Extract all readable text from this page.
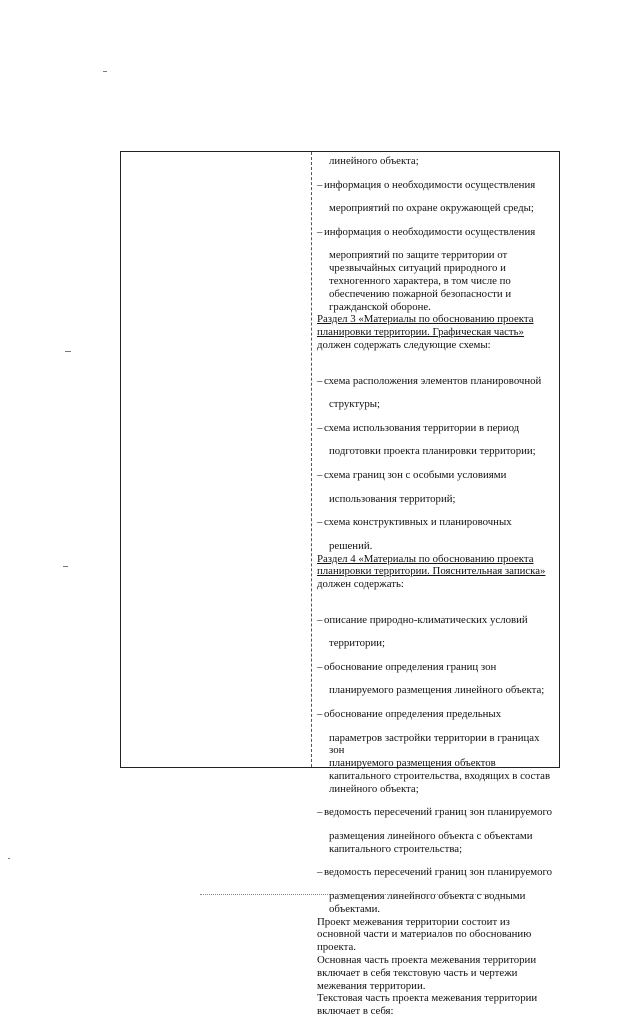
линейного объекта;

– информация о необходимости осуществления

мероприятий по охране окружающей среды;

– информация о необходимости осуществления

мероприятий по защите территории от

чрезвычайных ситуаций природного и

техногенного характера, в том числе по

обеспечению пожарной безопасности и

гражданской обороне.

Раздел 3 «Материалы по обоснованию проекта

планировки территории. Графическая часть»

должен содержать следующие схемы:

– схема расположения элементов планировочной

структуры;

– схема использования территории в период

подготовки проекта планировки территории;

– схема границ зон с особыми условиями

использования территорий;

– схема конструктивных и планировочных

решений.

Раздел 4 «Материалы по обоснованию проекта

планировки территории. Пояснительная записка»

должен содержать:

– описание природно-климатических условий

территории;

– обоснование определения границ зон

планируемого размещения линейного объекта;

– обоснование определения предельных

параметров застройки территории в границах зон

планируемого размещения объектов

капитального строительства, входящих в состав

линейного объекта;

– ведомость пересечений границ зон планируемого

размещения линейного объекта с объектами

капитального строительства;

– ведомость пересечений границ зон планируемого

размещения линейного объекта с водными

объектами.

Проект межевания территории состоит из

основной части и материалов по обоснованию

проекта.

Основная часть проекта межевания территории

включает в себя текстовую часть и чертежи

межевания территории.

Текстовая часть проекта межевания территории

включает в себя:
